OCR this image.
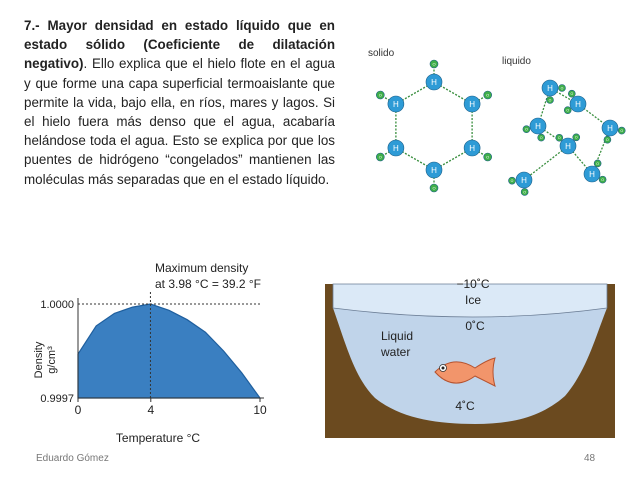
7.- Mayor densidad en estado líquido que en estado sólido (Coeficiente de dilatación negativo). Ello explica que el hielo flote en el agua y que forme una capa superficial termoaislante que permite la vida, bajo ella, en ríos, mares y lagos. Si el hielo fuera más denso que el agua, acabaría helándose toda el agua. Esto se explica por que los puentes de hidrógeno “congelados” mantienen las moléculas más separadas que en el estado líquido.
solido
liquido
O
O
O
O
O
O
H
H
H
H
H
H
O
O
H
O
O H
O
O
H
O	O
H
O
O
H
O
O
H
O
O H
Maximum density
at 3.98 °C = 39.2 °F
0	4	10
0.9997
1.0000
Temperature °C
Density g/cm³
−10˚C
Ice
0˚C
Liquid
water
4˚C
Eduardo Gómez	48
